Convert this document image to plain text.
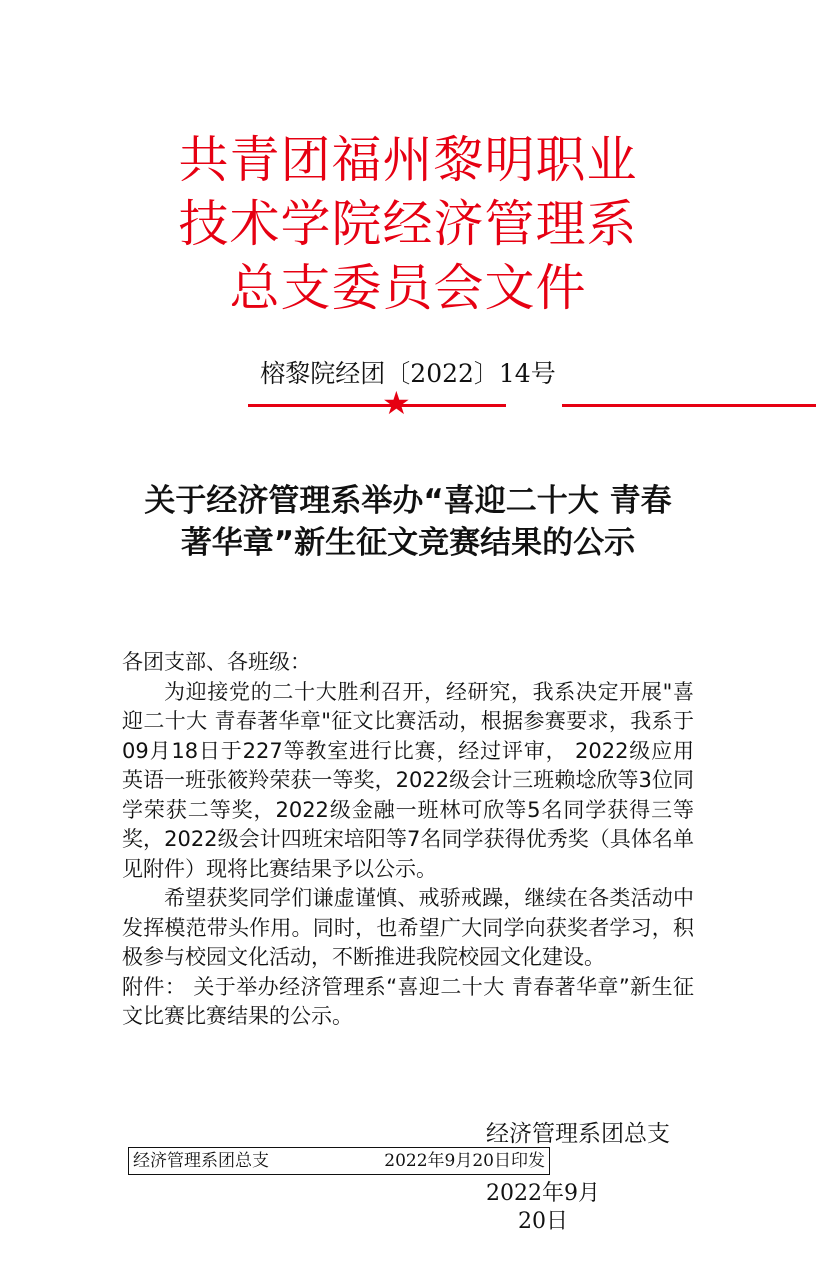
共青团福州黎明职业
技术学院经济管理系
总支委员会文件
榕黎院经团〔2022〕14号
★
关于经济管理系举办“喜迎二十大 青春
著华章”新生征文竞赛结果的公示

各团支部、各班级：

为迎接党的二十大胜利召开，经研究，我系决定开展"喜迎二十大 青春著华章"征文比赛活动，根据参赛要求，我系于09月18日于227等教室进行比赛，经过评审， 2022级应用英语一班张筱羚荣获一等奖，2022级会计三班赖埝欣等3位同学荣获二等奖，2022级金融一班林可欣等5名同学获得三等奖，2022级会计四班宋培阳等7名同学获得优秀奖（具体名单见附件）现将比赛结果予以公示。

希望获奖同学们谦虚谨慎、戒骄戒躁，继续在各类活动中发挥模范带头作用。同时，也希望广大同学向获奖者学习，积极参与校园文化活动，不断推进我院校园文化建设。

附件： 关于举办经济管理系“喜迎二十大 青春著华章”新生征文比赛比赛结果的公示。

经济管理系团总支
经济管理系团总支	2022年9月20日印发
2022年9月20日
